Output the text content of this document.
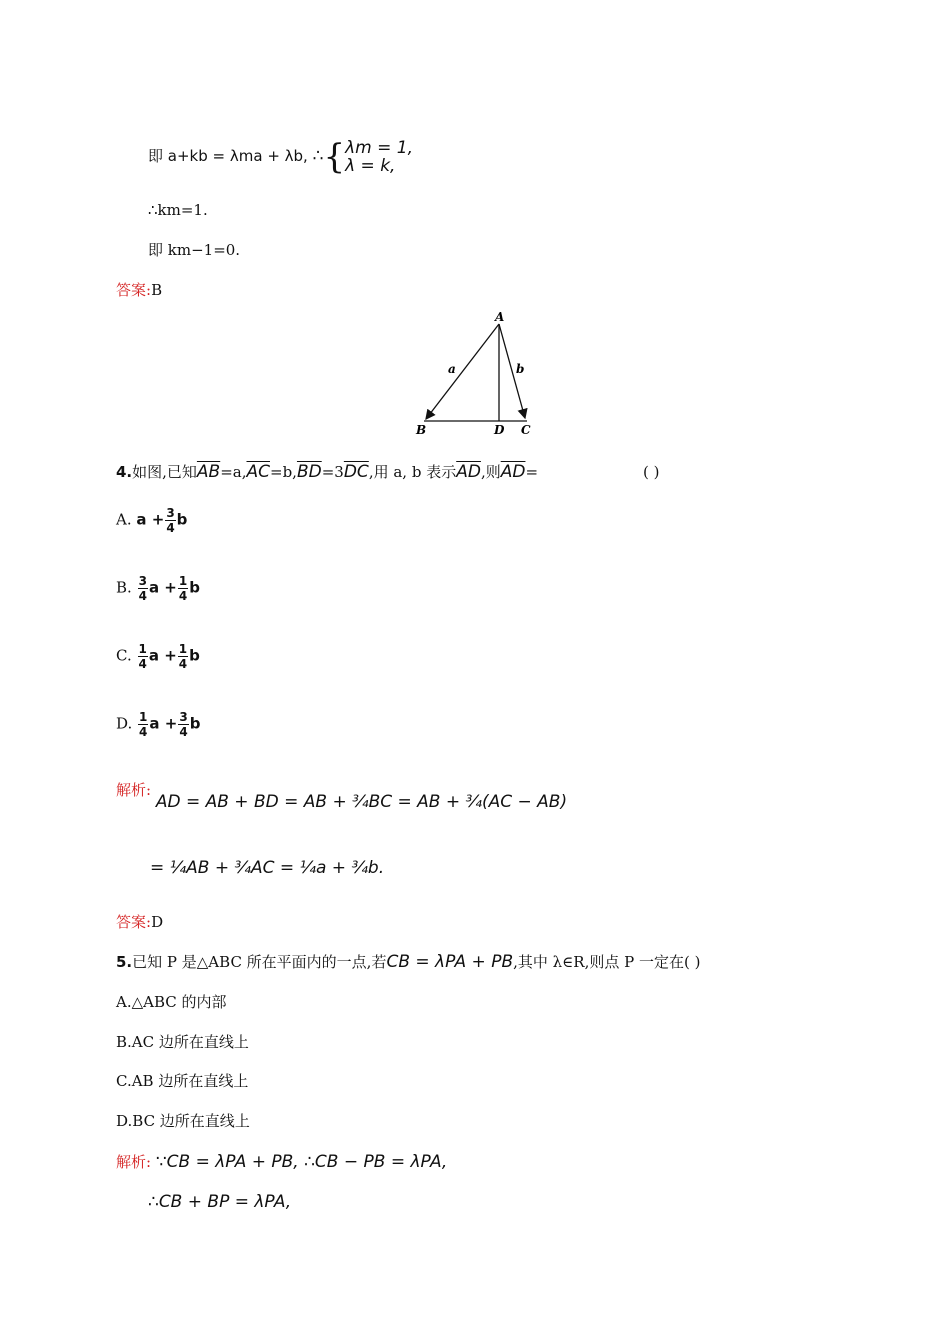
即 a+kb = λma + λb, ∴{ λm = 1,
λ = k,
∴km=1.
即 km−1=0.
答案:B
A
B	D C
a	b
4.如图,已知$\overline{AB}=a,\overline{AC}=b,\overline{BD}=3\overline{DC}$,用 a, b 表示$\overline{AD}$,则$\overline{AD}=$	( )
A. $a + \frac{3}{4}$ b
B. $\frac{3}{4}$ $a + \frac{1}{4}$ b
C. $\frac{1}{4}$ $a + \frac{1}{4}$ b
D. $\frac{1}{4}$ $a + \frac{3}{4}$ b
解析: AD = AB + BD = AB + ¾BC = AB + ¾(AC − AB)
= ¼AB + ¾AC = ¼a + ¾b.
答案:D
5.已知 P 是△ABC 所在平面内的一点,若CB = λPA + PB,其中 λ∈R,则点 P 一定在( )
A.△ABC 的内部
B.AC 边所在直线上
C.AB 边所在直线上
D.BC 边所在直线上
解析: ∵CB = λPA + PB, ∴CB − PB = λPA,
∴CB + BP = λPA,
